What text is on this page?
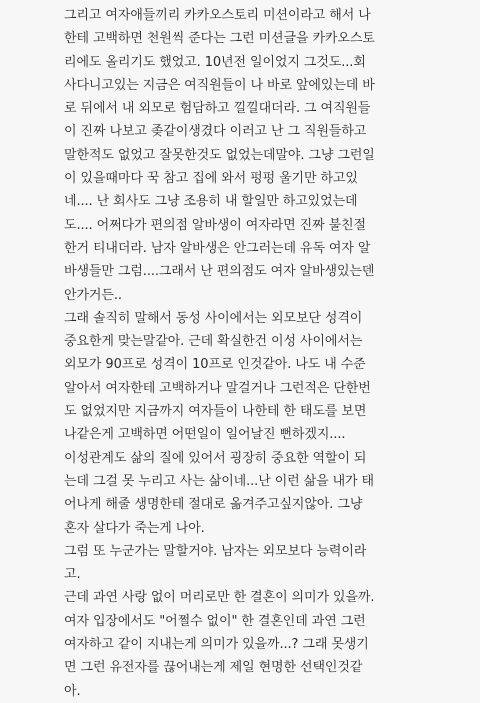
그리고 여자애들끼리 카카오스토리 미션이라고 해서 나
한테 고백하면 천원씩 준다는 그런 미션글을 카카오스토
리에도 올리기도 했었고. 10년전 일이었지 그것도...회
사다니고있는 지금은 여직원들이 나 바로 앞에있는데 바
로 뒤에서 내 외모로 험담하고 낄낄대더라. 그 여직원들
이 진짜 나보고 좆같이생겼다 이러고 난 그 직원들하고
말한적도 없었고 잘못한것도 없었는데말야. 그냥 그런일
이 있을때마다 꾹 참고 집에 와서 펑펑 울기만 하고있
네.... 난 회사도 그냥 조용히 내 할일만 하고있었는데
도.... 어쩌다가 편의점 알바생이 여자라면 진짜 불친절
한거 티내더라. 남자 알바생은 안그러는데 유독 여자 알
바생들만 그럼....그래서 난 편의점도 여자 알바생있는덴
안가거든..
그래 솔직히 말해서 동성 사이에서는 외모보단 성격이
중요한게 맞는말같아. 근데 확실한건 이성 사이에서는
외모가 90프로 성격이 10프로 인것같아. 나도 내 수준
알아서 여자한테 고백하거나 말걸거나 그런적은 단한번
도 없었지만 지금까지 여자들이 나한테 한 태도를 보면
나같은게 고백하면 어떤일이 일어날진 뻔하겠지....
이성관계도 삶의 질에 있어서 굉장히 중요한 역할이 되
는데 그걸 못 누리고 사는 삶이네...난 이런 삶을 내가 태
어나게 해줄 생명한테 절대로 옮겨주고싶지않아. 그냥
혼자 살다가 죽는게 나아.
그럼 또 누군가는 말할거야. 남자는 외모보다 능력이라
고.
근데 과연 사랑 없이 머리로만 한 결혼이 의미가 있을까.
여자 입장에서도 "어쩔수 없이" 한 결혼인데 과연 그런
여자하고 같이 지내는게 의미가 있을까...? 그래 못생기
면 그런 유전자를 끊어내는게 제일 현명한 선택인것같
아.
